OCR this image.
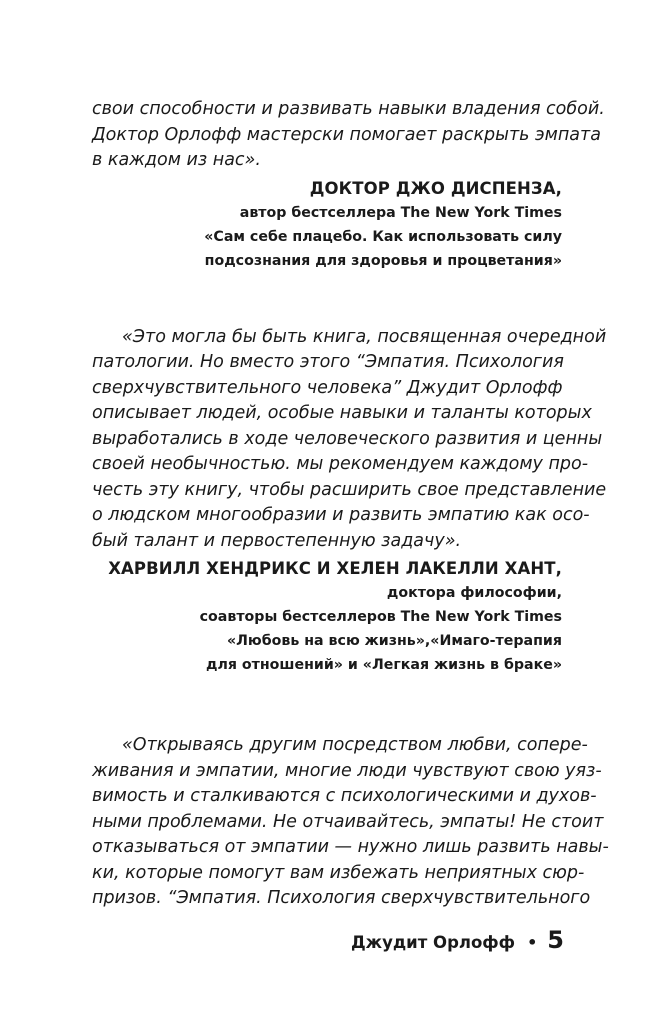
свои способности и развивать навыки владения собой.
Доктор Орлофф мастерски помогает раскрыть эмпата
в каждом из нас».
ДОКТОР ДЖО ДИСПЕНЗА,
автор бестселлера The New York Times
«Сам себе плацебо. Как использовать силу
подсознания для здоровья и процветания»
«Это могла бы быть книга, посвященная очередной
патологии. Но вместо этого “Эмпатия. Психология
сверхчувствительного человека” Джудит Орлофф
описывает людей, особые навыки и таланты которых
выработались в ходе человеческого развития и ценны
своей необычностью. мы рекомендуем каждому про-
честь эту книгу, чтобы расширить свое представление
о людском многообразии и развить эмпатию как осо-
бый талант и первостепенную задачу».
ХАРВИЛЛ ХЕНДРИКС И ХЕЛЕН ЛАКЕЛЛИ ХАНТ,
доктора философии,
соавторы бестселлеров The New York Times
«Любовь на всю жизнь»,«Имаго-терапия
для отношений» и «Легкая жизнь в браке»
«Открываясь другим посредством любви, сопере-
живания и эмпатии, многие люди чувствуют свою уяз-
вимость и сталкиваются с психологическими и духов-
ными проблемами. Не отчаивайтесь, эмпаты! Не стоит
отказываться от эмпатии — нужно лишь развить навы-
ки, которые помогут вам избежать неприятных сюр-
призов. “Эмпатия. Психология сверхчувствительного
Джудит Орлофф • 5
